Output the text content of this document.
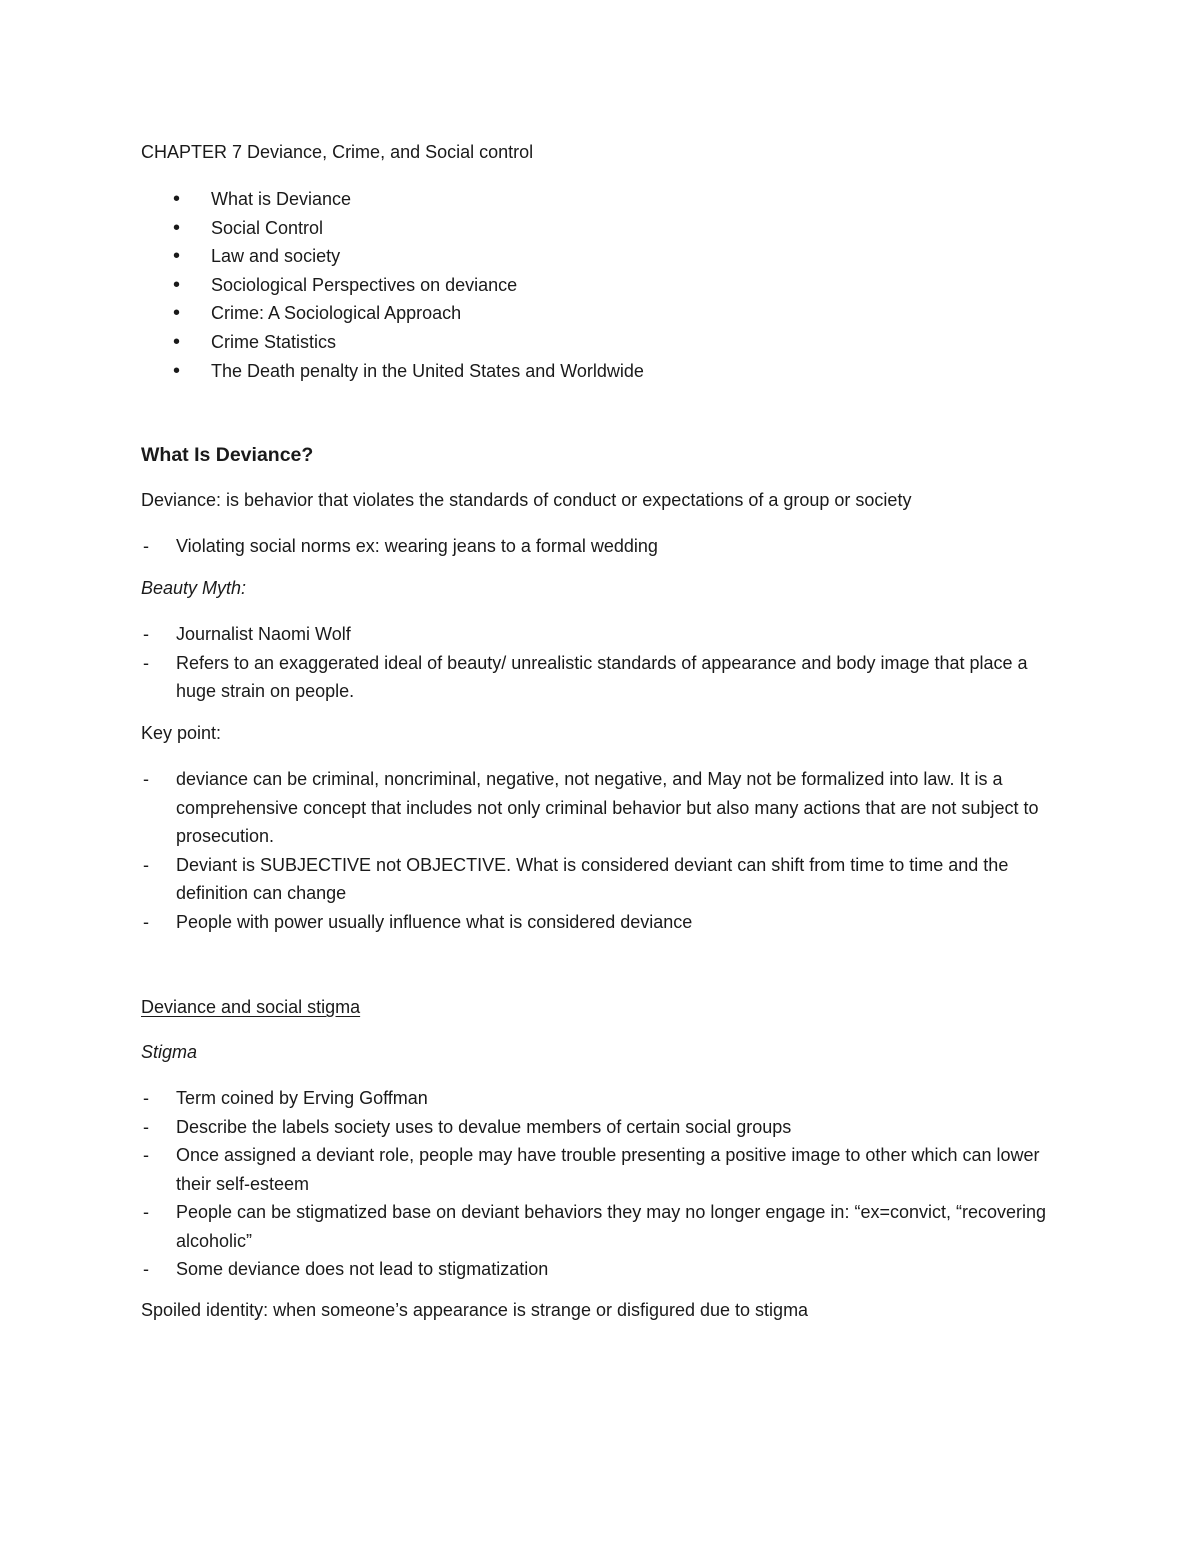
CHAPTER 7 Deviance, Crime, and Social control
• What is Deviance
• Social Control
• Law and society
• Sociological Perspectives on deviance
• Crime: A Sociological Approach
• Crime Statistics
• The Death penalty in the United States and Worldwide
What Is Deviance?
Deviance: is behavior that violates the standards of conduct or expectations of a group or society
- Violating social norms ex: wearing jeans to a formal wedding
Beauty Myth:
- Journalist Naomi Wolf
- Refers to an exaggerated ideal of beauty/ unrealistic standards of appearance and body image that place a huge strain on people.
Key point:
- deviance can be criminal, noncriminal, negative, not negative, and May not be formalized into law. It is a comprehensive concept that includes not only criminal behavior but also many actions that are not subject to prosecution.
- Deviant is SUBJECTIVE not OBJECTIVE. What is considered deviant can shift from time to time and the definition can change
- People with power usually influence what is considered deviance
Deviance and social stigma
Stigma
- Term coined by Erving Goffman
- Describe the labels society uses to devalue members of certain social groups
- Once assigned a deviant role, people may have trouble presenting a positive image to other which can lower their self-esteem
- People can be stigmatized base on deviant behaviors they may no longer engage in: “ex=convict, “recovering alcoholic”
- Some deviance does not lead to stigmatization
Spoiled identity: when someone’s appearance is strange or disfigured due to stigma
